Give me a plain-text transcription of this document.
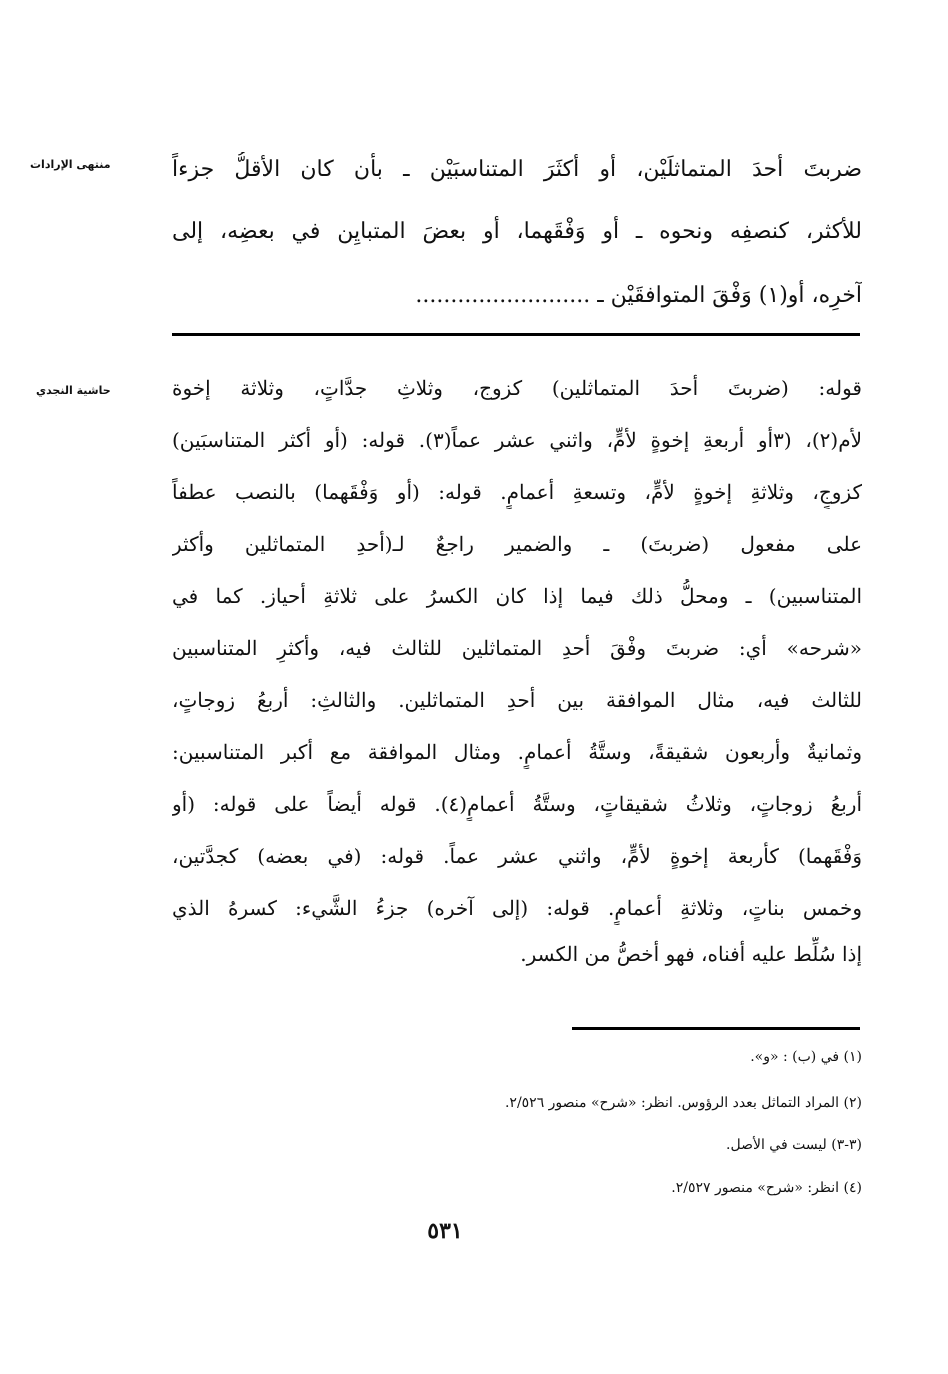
منتهى الإرادات
حاشية النجدي
ضربتَ أحدَ المتماثلَيْن، أو أكثَرَ المتناسبَيْن ـ بأن كان الأقلُّ جزءاً
للأكثر، كنصفِه ونحوه ـ أو وَفْقَهما، أو بعضَ المتبايِن في بعضِه، إلى
آخرِه، أو(١) وَفْقَ المتوافقَيْن ـ .........................
قوله: (ضربتَ أحدَ المتماثلين) كزوج، وثلاثِ جدَّاتٍ، وثلاثة إخوة
لأم(٢)، (٣أو أربعةِ إخوةٍ لأمٍّ، واثني عشر عماً(٣). قوله: (أو أكثر المتناسبَين)
كزوجٍ، وثلاثةِ إخوةٍ لأمٍّ، وتسعةِ أعمامٍ. قوله: (أو وَفْقَهما) بالنصب عطفاً
على مفعول (ضربتَ) ـ والضمير راجعٌ لـ(أحدِ المتماثلين وأكثر
المتناسبين) ـ ومحلُّ ذلك فيما إذا كان الكسرُ على ثلاثةِ أحياز. كما في
«شرحه» أي: ضربتَ وفْقَ أحدِ المتماثلين للثالث فيه، وأكثرِ المتناسبين
للثالث فيه، مثال الموافقة بين أحدِ المتماثلين. والثالثِ: أربعُ زوجاتٍ،
وثمانيةٌ وأربعون شقيقةً، وستَّةُ أعمامٍ. ومثال الموافقة مع أكبر المتناسبين:
أربعُ زوجاتٍ، وثلاثُ شقيقاتٍ، وستَّةُ أعمامٍ(٤). قوله أيضاً على قوله: (أو
وَفْقَهما) كأربعة إخوةٍ لأمٍّ، واثني عشر عماً. قوله: (في بعضه) كجدَّتين،
وخمس بناتٍ، وثلاثةِ أعمامٍ. قوله: (إلى آخره) جزءُ الشَّيء: كسرهُ الذي
إذا سُلِّط عليه أفناه، فهو أخصُّ من الكسر.
(١) في (ب) : «و».
(٢) المراد التماثل بعدد الرؤوس. انظر: «شرح» منصور ٢/٥٢٦.
(٣-٣) ليست في الأصل.
(٤) انظر: «شرح» منصور ٢/٥٢٧.
٥٣١
